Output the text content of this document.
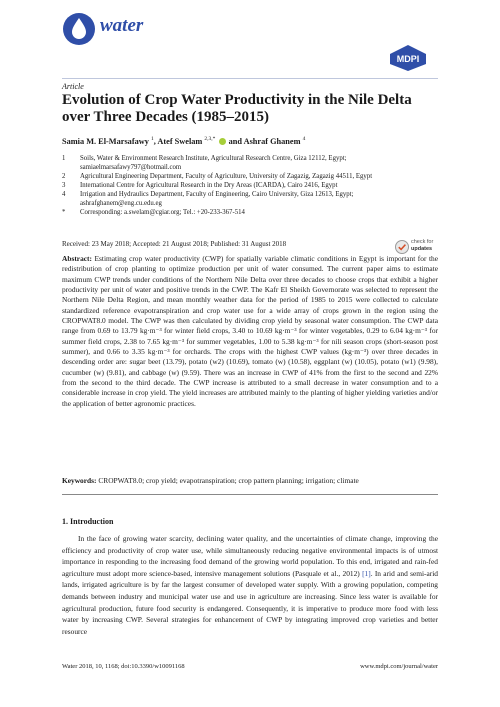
water
MDPI
Article
Evolution of Crop Water Productivity in the Nile Delta over Three Decades (1985–2015)
Samia M. El-Marsafawy $^1$, Atef Swelam $^{2,3,*}$  and Ashraf Ghanem $^4$
1	Soils, Water & Environment Research Institute, Agricultural Research Centre, Giza 12112, Egypt;
samiaelmarsafawy797@hotmail.com
2	Agricultural Engineering Department, Faculty of Agriculture, University of Zagazig, Zagazig 44511, Egypt
3	International Centre for Agricultural Research in the Dry Areas (ICARDA), Cairo 2416, Egypt
4	Irrigation and Hydraulics Department, Faculty of Engineering, Cairo University, Giza 12613, Egypt;
ashrafghanem@eng.cu.edu.eg
*	Corresponding: a.swelam@cgiar.org; Tel.: +20-233-367-514
check for
updates
Received: 23 May 2018; Accepted: 21 August 2018; Published: 31 August 2018
Abstract: Estimating crop water productivity (CWP) for spatially variable climatic conditions in Egypt is important for the redistribution of crop planting to optimize production per unit of water consumed. The current paper aims to estimate maximum CWP trends under conditions of the Northern Nile Delta over three decades to choose crops that exhibit a higher productivity per unit of water and positive trends in the CWP. The Kafr El Sheikh Governorate was selected to represent the Northern Nile Delta Region, and mean monthly weather data for the period of 1985 to 2015 were collected to calculate standardized reference evapotranspiration and crop water use for a wide array of crops grown in the region using the CROPWAT8.0 model. The CWP was then calculated by dividing crop yield by seasonal water consumption. The CWP data range from 0.69 to 13.79 kg·m⁻³ for winter field crops, 3.40 to 10.69 kg·m⁻³ for winter vegetables, 0.29 to 6.04 kg·m⁻³ for summer field crops, 2.38 to 7.65 kg·m⁻³ for summer vegetables, 1.00 to 5.38 kg·m⁻³ for nili season crops (short-season post summer), and 0.66 to 3.35 kg·m⁻³ for orchards. The crops with the highest CWP values (kg·m⁻³) over three decades in descending order are: sugar beet (13.79), potato (w2) (10.69), tomato (w) (10.58), eggplant (w) (10.05), potato (w1) (9.98), cucumber (w) (9.81), and cabbage (w) (9.59). There was an increase in CWP of 41% from the first to the second and 22% from the second to the third decade. The CWP increase is attributed to a small decrease in water consumption and to a considerable increase in crop yield. The yield increases are attributed mainly to the planting of higher yielding varieties and/or the application of better agronomic practices.
Keywords: CROPWAT8.0; crop yield; evapotranspiration; crop pattern planning; irrigation; climate
1. Introduction
In the face of growing water scarcity, declining water quality, and the uncertainties of climate change, improving the efficiency and productivity of crop water use, while simultaneously reducing negative environmental impacts is of utmost importance in responding to the increasing food demand of the growing world population. To this end, irrigated and rain-fed agriculture must adopt more science-based, intensive management solutions (Pasquale et al., 2012) [1]. In arid and semi-arid lands, irrigated agriculture is by far the largest consumer of developed water supply. With a growing population, competing demands between industry and municipal water use and use in agriculture are increasing. Since less water is available for agricultural production, future food security is endangered. Consequently, it is imperative to produce more food with less water by increasing CWP. Several strategies for enhancement of CWP by integrating improved crop varieties and better resource
Water 2018, 10, 1168; doi:10.3390/w10091168	www.mdpi.com/journal/water
